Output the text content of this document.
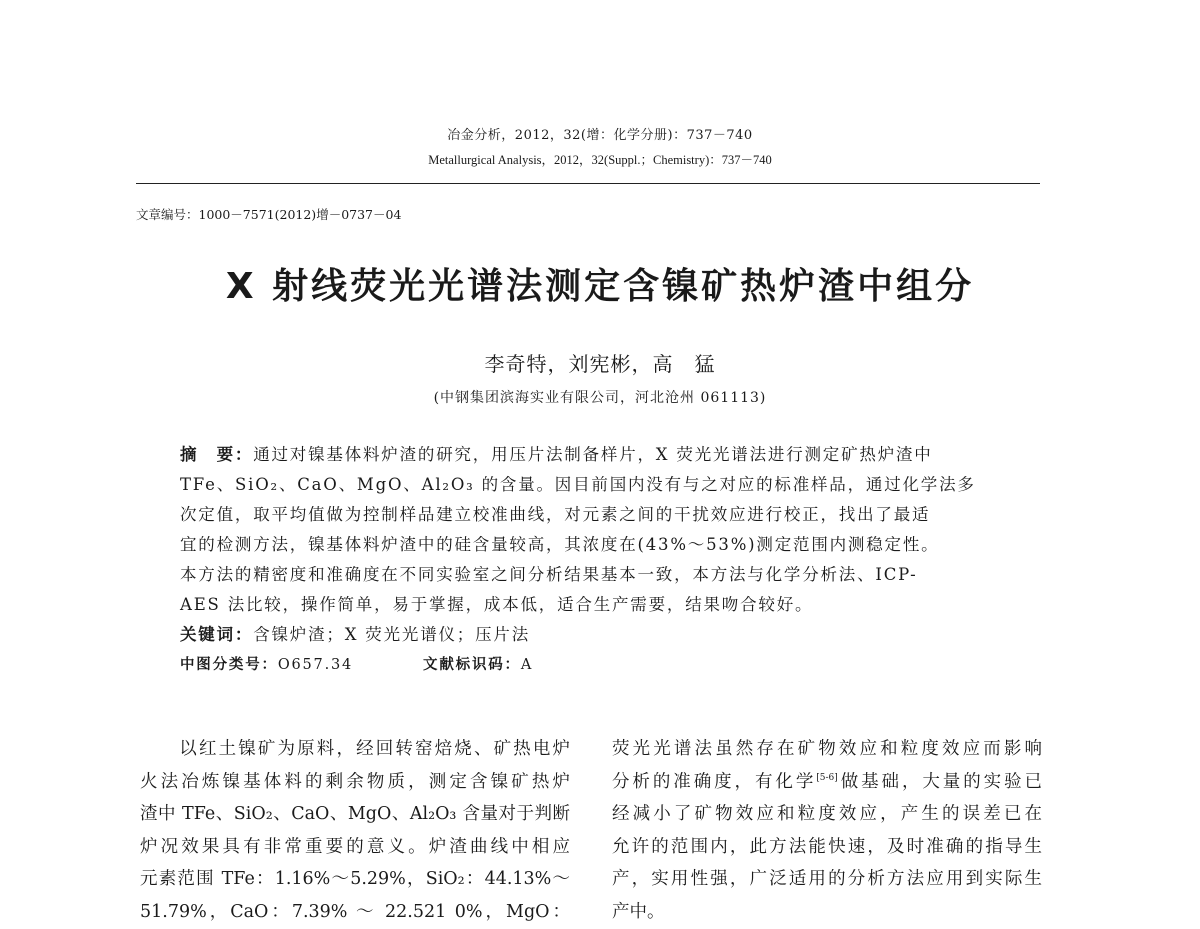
冶金分析，2012，32(增：化学分册)：737－740
Metallurgical Analysis，2012，32(Suppl.；Chemistry)：737－740
文章编号：1000－7571(2012)增－0737－04
X 射线荧光光谱法测定含镍矿热炉渣中组分
李奇特，刘宪彬，高　猛
(中钢集团滨海实业有限公司，河北沧州 061113)

摘　要：通过对镍基体料炉渣的研究，用压片法制备样片，X 荧光光谱法进行测定矿热炉渣中

TFe、SiO₂、CaO、MgO、Al₂O₃ 的含量。因目前国内没有与之对应的标准样品，通过化学法多

次定值，取平均值做为控制样品建立校准曲线，对元素之间的干扰效应进行校正，找出了最适

宜的检测方法，镍基体料炉渣中的硅含量较高，其浓度在(43%～53%)测定范围内测稳定性。

本方法的精密度和准确度在不同实验室之间分析结果基本一致，本方法与化学分析法、ICP-

AES 法比较，操作简单，易于掌握，成本低，适合生产需要，结果吻合较好。

关键词：含镍炉渣；X 荧光光谱仪；压片法

中图分类号：O657.34	文献标识码：A

　　以红土镍矿为原料，经回转窑焙烧、矿热电炉
火法冶炼镍基体料的剩余物质，测定含镍矿热炉
渣中 TFe、SiO₂、CaO、MgO、Al₂O₃ 含量对于判断
炉况效果具有非常重要的意义。炉渣曲线中相应
元素范围 TFe：1.16%～5.29%，SiO₂：44.13%～
51.79%，CaO：7.39% ～ 22.521 0%，MgO：
荧光光谱法虽然存在矿物效应和粒度效应而影响
分析的准确度，有化学[5-6]做基础，大量的实验已
经减小了矿物效应和粒度效应，产生的误差已在
允许的范围内，此方法能快速，及时准确的指导生
产，实用性强，广泛适用的分析方法应用到实际生
产中。
